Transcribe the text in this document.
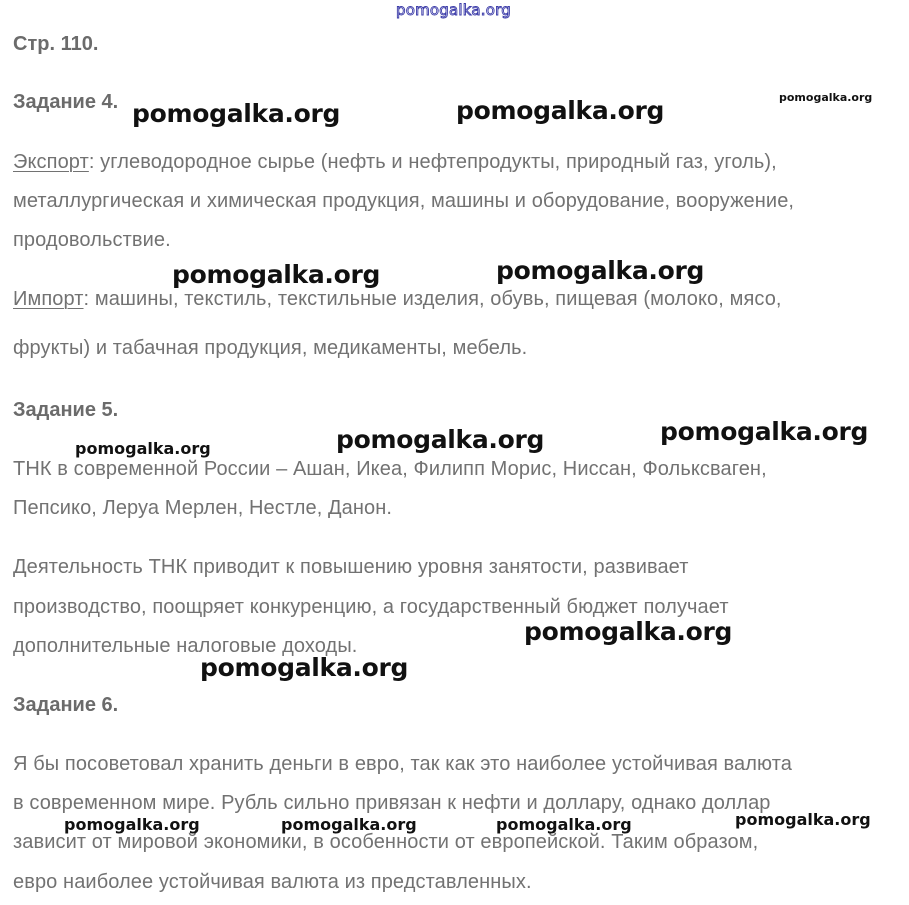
pomogalka.org
Стр. 110.
Задание 4.
Экспорт: углеводородное сырье (нефть и нефтепродукты, природный газ, уголь),
металлургическая и химическая продукция, машины и оборудование, вооружение,
продовольствие.
Импорт: машины, текстиль, текстильные изделия, обувь, пищевая (молоко, мясо,
фрукты) и табачная продукция, медикаменты, мебель.
Задание 5.
ТНК в современной России – Ашан, Икеа, Филипп Морис, Ниссан, Фольксваген,
Пепсико, Леруа Мерлен, Нестле, Данон.
Деятельность ТНК приводит к повышению уровня занятости, развивает
производство, поощряет конкуренцию, а государственный бюджет получает
дополнительные налоговые доходы.
Задание 6.
Я бы посоветовал хранить деньги в евро, так как это наиболее устойчивая валюта
в современном мире. Рубль сильно привязан к нефти и доллару, однако доллар
зависит от мировой экономики, в особенности от европейской. Таким образом,
евро наиболее устойчивая валюта из представленных.
pomogalka.org	pomogalka.org	pomogalka.org
pomogalka.org	pomogalka.org
pomogalka.org	pomogalka.org	pomogalka.org
pomogalka.org
pomogalka.org
pomogalka.org	pomogalka.org	pomogalka.org	pomogalka.org
